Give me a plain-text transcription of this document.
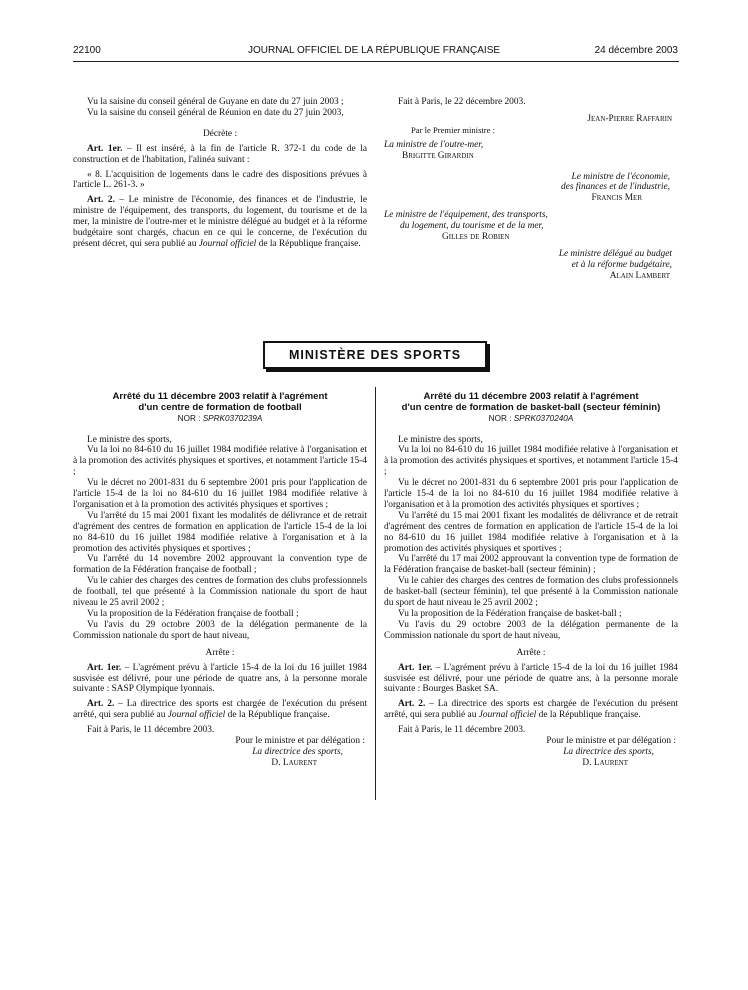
22100	JOURNAL OFFICIEL DE LA RÉPUBLIQUE FRANÇAISE	24 décembre 2003

Vu la saisine du conseil général de Guyane en date du 27 juin 2003 ;

Vu la saisine du conseil général de Réunion en date du 27 juin 2003,

Décrète :

Art. 1er. – Il est inséré, à la fin de l'article R. 372-1 du code de la construction et de l'habitation, l'alinéa suivant :

« 8. L'acquisition de logements dans le cadre des dispositions prévues à l'article L. 261-3. »

Art. 2. – Le ministre de l'économie, des finances et de l'industrie, le ministre de l'équipement, des transports, du logement, du tourisme et de la mer, la ministre de l'outre-mer et le ministre délégué au budget et à la réforme budgétaire sont chargés, chacun en ce qui le concerne, de l'exécution du présent décret, qui sera publié au Journal officiel de la République française.

Fait à Paris, le 22 décembre 2003.

Jean-Pierre Raffarin

Par le Premier ministre :

La ministre de l'outre-mer,

Brigitte Girardin

Le ministre de l'économie,

des finances et de l'industrie,

Francis Mer

Le ministre de l'équipement, des transports,

du logement, du tourisme et de la mer,

Gilles de Robien

Le ministre délégué au budget

et à la réforme budgétaire,

Alain Lambert

MINISTÈRE DES SPORTS
Arrêté du 11 décembre 2003 relatif à l'agrément
d'un centre de formation de football
NOR : SPRK0370239A

Le ministre des sports,

Vu la loi no 84-610 du 16 juillet 1984 modifiée relative à l'organisation et à la promotion des activités physiques et sportives, et notamment l'article 15-4 ;

Vu le décret no 2001-831 du 6 septembre 2001 pris pour l'application de l'article 15-4 de la loi no 84-610 du 16 juillet 1984 modifiée relative à l'organisation et à la promotion des activités physiques et sportives ;

Vu l'arrêté du 15 mai 2001 fixant les modalités de délivrance et de retrait d'agrément des centres de formation en application de l'article 15-4 de la loi no 84-610 du 16 juillet 1984 modifiée relative à l'organisation et à la promotion des activités physiques et sportives ;

Vu l'arrêté du 14 novembre 2002 approuvant la convention type de formation de la Fédération française de football ;

Vu le cahier des charges des centres de formation des clubs professionnels de football, tel que présenté à la Commission nationale du sport de haut niveau le 25 avril 2002 ;

Vu la proposition de la Fédération française de football ;

Vu l'avis du 29 octobre 2003 de la délégation permanente de la Commission nationale du sport de haut niveau,

Arrête :

Art. 1er. – L'agrément prévu à l'article 15-4 de la loi du 16 juillet 1984 susvisée est délivré, pour une période de quatre ans, à la personne morale suivante : SASP Olympique lyonnais.

Art. 2. – La directrice des sports est chargée de l'exécution du présent arrêté, qui sera publié au Journal officiel de la République française.

Fait à Paris, le 11 décembre 2003.

Pour le ministre et par délégation :

La directrice des sports,

D. Laurent

Arrêté du 11 décembre 2003 relatif à l'agrément
d'un centre de formation de basket-ball (secteur féminin)
NOR : SPRK0370240A

Le ministre des sports,

Vu la loi no 84-610 du 16 juillet 1984 modifiée relative à l'organisation et à la promotion des activités physiques et sportives, et notamment l'article 15-4 ;

Vu le décret no 2001-831 du 6 septembre 2001 pris pour l'application de l'article 15-4 de la loi no 84-610 du 16 juillet 1984 modifiée relative à l'organisation et à la promotion des activités physiques et sportives ;

Vu l'arrêté du 15 mai 2001 fixant les modalités de délivrance et de retrait d'agrément des centres de formation en application de l'article 15-4 de la loi no 84-610 du 16 juillet 1984 modifiée relative à l'organisation et à la promotion des activités physiques et sportives ;

Vu l'arrêté du 17 mai 2002 approuvant la convention type de formation de la Fédération française de basket-ball (secteur féminin) ;

Vu le cahier des charges des centres de formation des clubs professionnels de basket-ball (secteur féminin), tel que présenté à la Commission nationale du sport de haut niveau le 25 avril 2002 ;

Vu la proposition de la Fédération française de basket-ball ;

Vu l'avis du 29 octobre 2003 de la délégation permanente de la Commission nationale du sport de haut niveau,

Arrête :

Art. 1er. – L'agrément prévu à l'article 15-4 de la loi du 16 juillet 1984 susvisée est délivré, pour une période de quatre ans, à la personne morale suivante : Bourges Basket SA.

Art. 2. – La directrice des sports est chargée de l'exécution du présent arrêté, qui sera publié au Journal officiel de la République française.

Fait à Paris, le 11 décembre 2003.

Pour le ministre et par délégation :

La directrice des sports,

D. Laurent
